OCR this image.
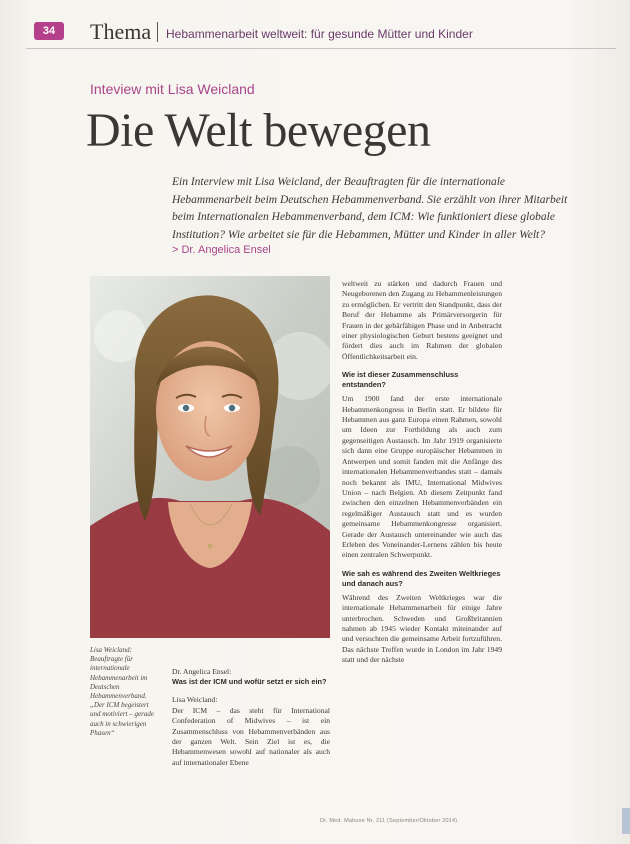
34	Thema Hebammenarbeit weltweit: für gesunde Mütter und Kinder
Inteview mit Lisa Weicland
Die Welt bewegen
Ein Interview mit Lisa Weicland, der Beauftragten für die internationale Hebammenarbeit beim Deutschen Hebammenverband. Sie erzählt von ihrer Mitarbeit beim Internationalen Hebammenverband, dem ICM: Wie funktioniert diese globale Institution? Wie arbeitet sie für die Hebammen, Mütter und Kinder in aller Welt?
> Dr. Angelica Ensel
Lisa Weicland: Beauftragte für internationale Hebammenarbeit im Deutschen Hebammenverband. „Der ICM begeistert und motiviert – gerade auch in schwierigen Phasen“

Dr. Angelica Ensel:

Was ist der ICM und wofür setzt er sich ein?

Lisa Weicland:

Der ICM – das steht für International Confederation of Midwives – ist ein Zusammenschluss von Hebammenverbänden aus der ganzen Welt. Sein Ziel ist es, die Hebammenwesen sowohl auf nationaler als auch auf internationaler Ebene

weltweit zu stärken und dadurch Frauen und Neugeborenen den Zugang zu Hebammenleistungen zu ermöglichen. Er vertritt den Standpunkt, dass der Beruf der Hebamme als Primärversorgerin für Frauen in der gebärfähigen Phase und in Anbetracht einer physiologischen Geburt bestens geeignet und fördert dies auch im Rahmen der globalen Öffentlichkeitsarbeit ein.

Wie ist dieser Zusammenschluss entstanden?

Um 1900 fand der erste internationale Hebammenkongress in Berlin statt. Er bildete für Hebammen aus ganz Europa einen Rahmen, sowohl um Ideen zur Fortbildung als auch zum gegenseitigen Austausch. Im Jahr 1919 organisierte sich dann eine Gruppe europäischer Hebammen in Antwerpen und somit fanden mit die Anfänge des internationalen Hebammenverbandes statt – damals noch bekannt als IMU, International Midwives Union – nach Belgien. Ab diesem Zeitpunkt fand zwischen den einzelnen Hebammenverbänden ein regelmäßiger Austausch statt und es wurden gemeinsame Hebammenkongresse organisiert. Gerade der Austausch untereinander wie auch das Erleben des Voneinander-Lernens zählen bis heute einen zentralen Schwerpunkt.

Wie sah es während des Zweiten Weltkrieges und danach aus?

Während des Zweiten Weltkrieges war die internationale Hebammenarbeit für einige Jahre unterbrochen. Schweden und Großbritannien nahmen ab 1945 wieder Kontakt miteinander auf und versuchten die gemeinsame Arbeit fortzuführen. Das nächste Treffen wurde in London im Jahr 1949 statt und der nächste

Dr. Med. Mabuse Nr. 211 (September/Oktober 2014)
